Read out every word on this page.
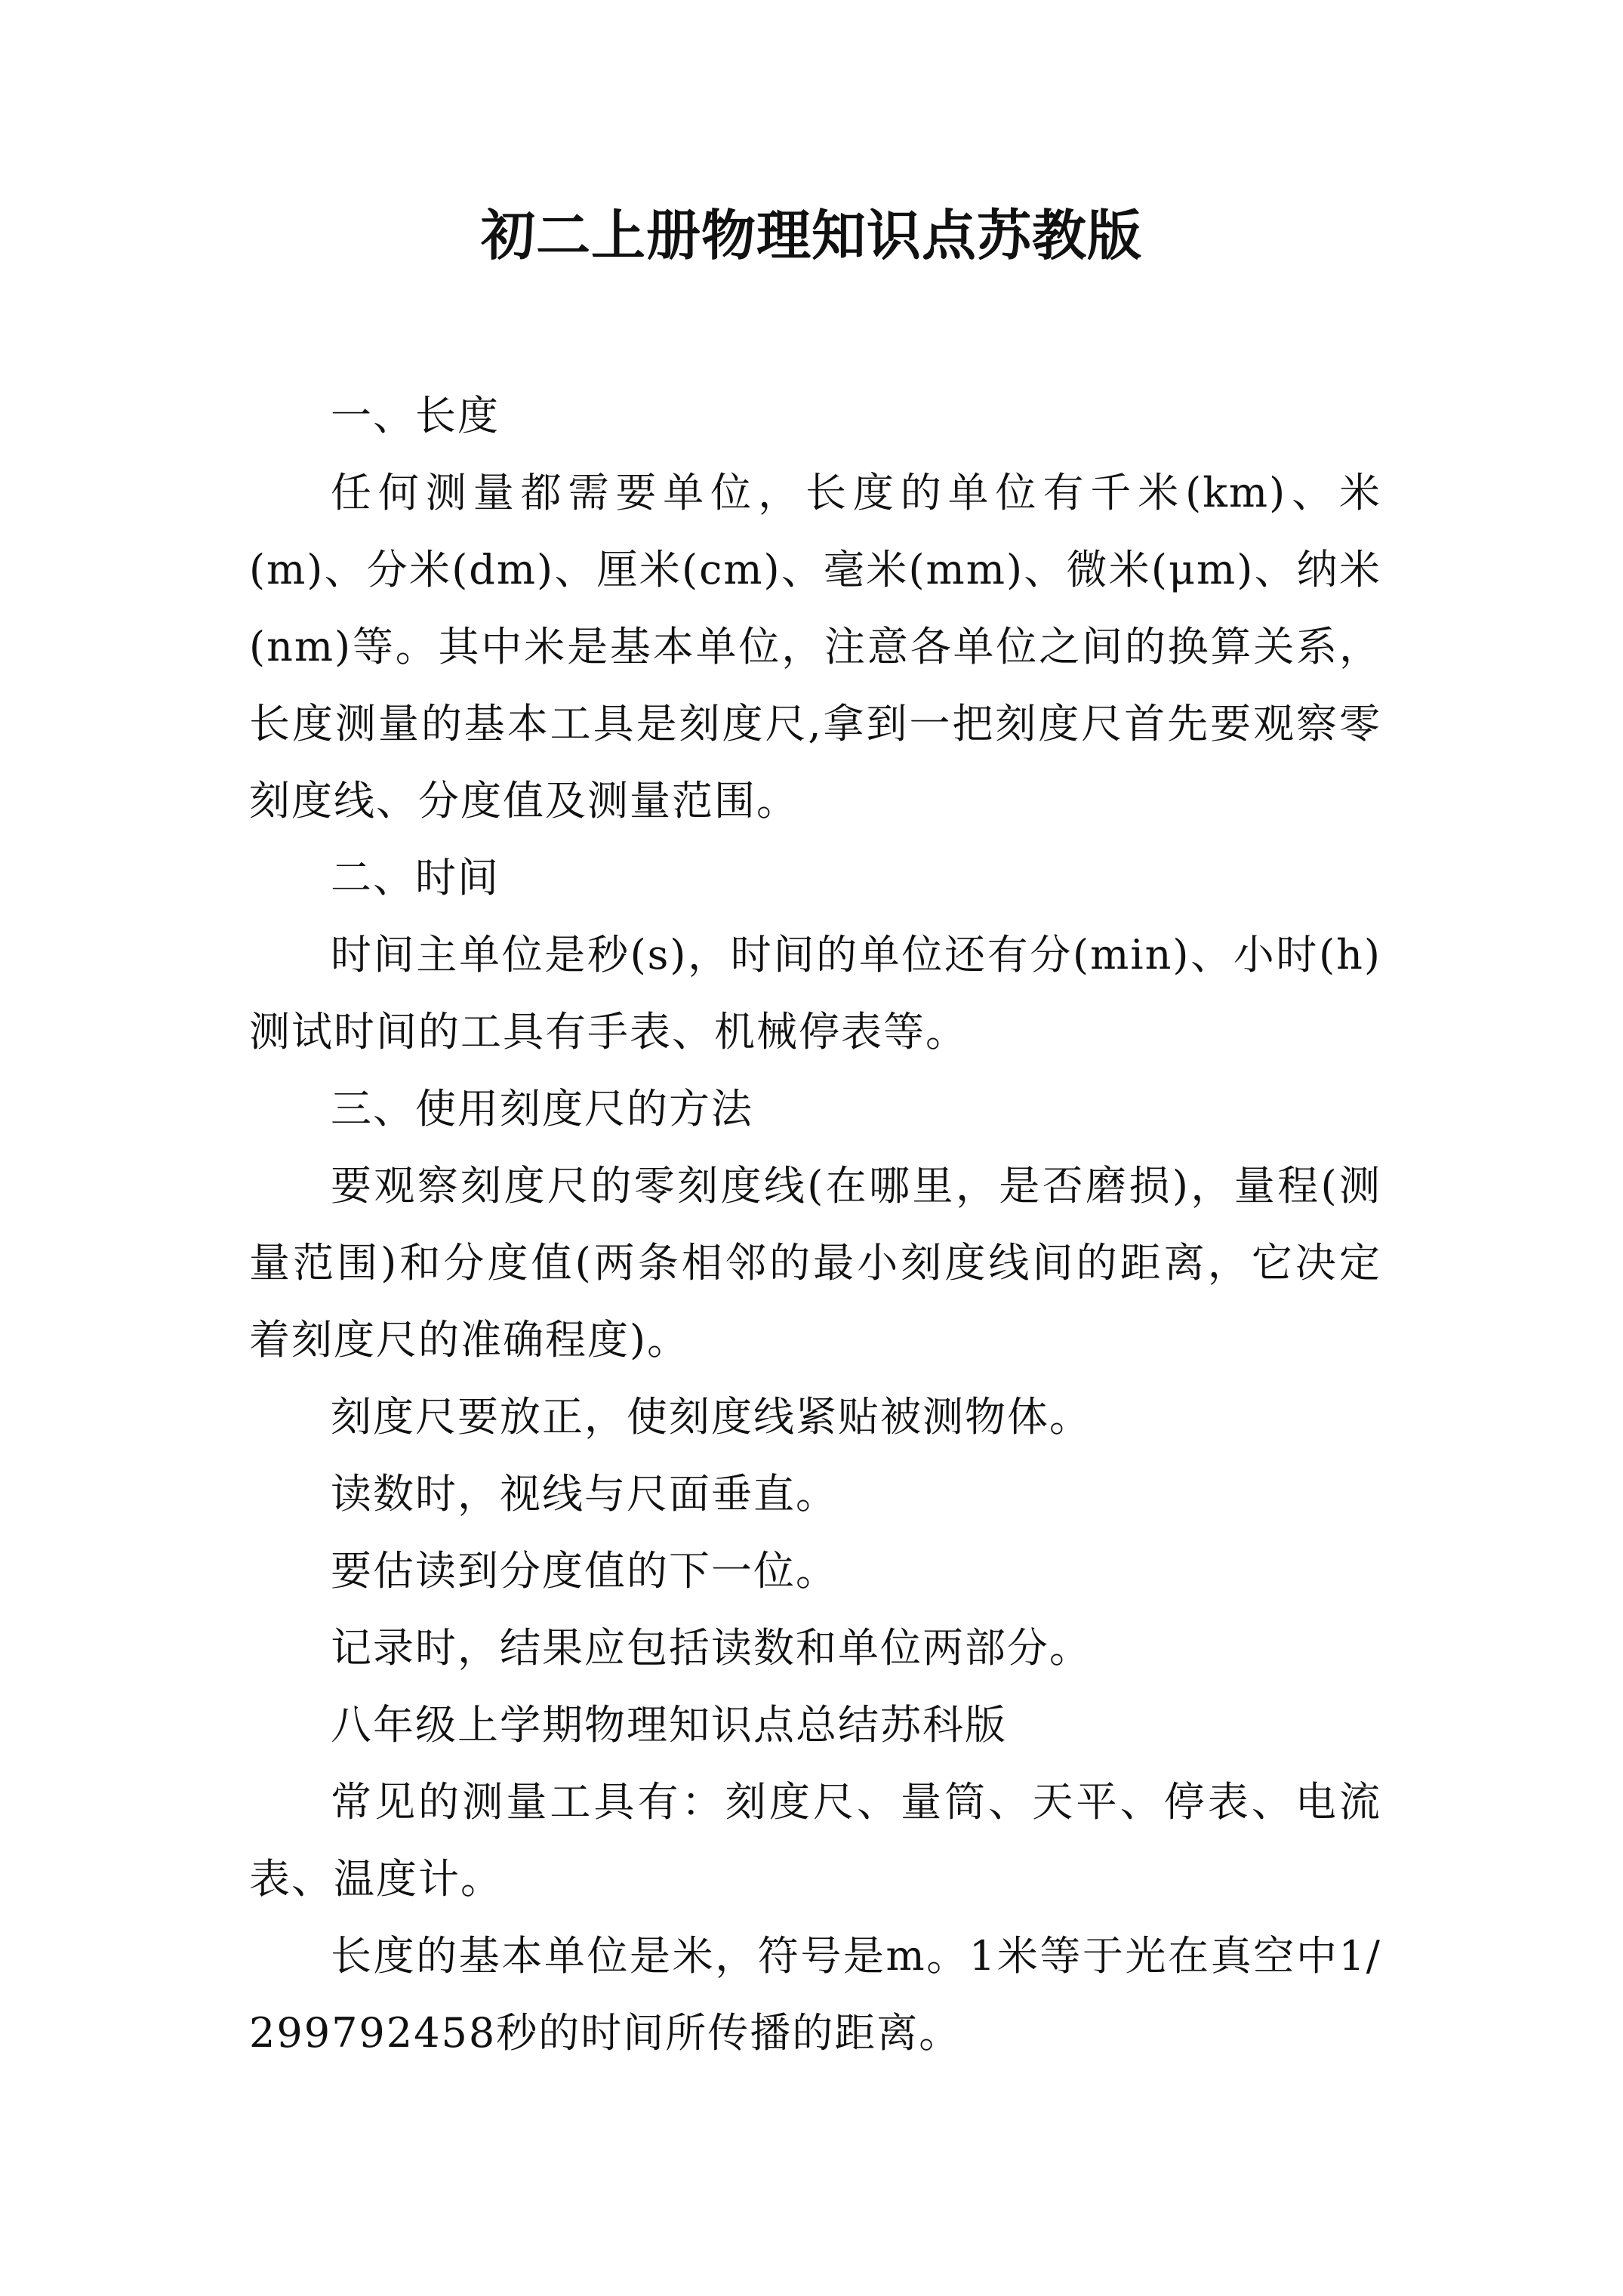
初二上册物理知识点苏教版

一、长度

任何测量都需要单位，长度的单位有千米(km)、米(m)、分米(dm)、厘米(cm)、毫米(mm)、微米(μm)、纳米(nm)等。其中米是基本单位，注意各单位之间的换算关系，长度测量的基本工具是刻度尺,拿到一把刻度尺首先要观察零刻度线、分度值及测量范围。

二、时间

时间主单位是秒(s)，时间的单位还有分(min)、小时(h)测试时间的工具有手表、机械停表等。

三、使用刻度尺的方法

要观察刻度尺的零刻度线(在哪里，是否磨损)，量程(测量范围)和分度值(两条相邻的最小刻度线间的距离，它决定着刻度尺的准确程度)。

刻度尺要放正，使刻度线紧贴被测物体。

读数时，视线与尺面垂直。

要估读到分度值的下一位。

记录时，结果应包括读数和单位两部分。

八年级上学期物理知识点总结苏科版

常见的测量工具有：刻度尺、量筒、天平、停表、电流表、温度计。

长度的基本单位是米，符号是m。1米等于光在真空中1/299792458秒的时间所传播的距离。
